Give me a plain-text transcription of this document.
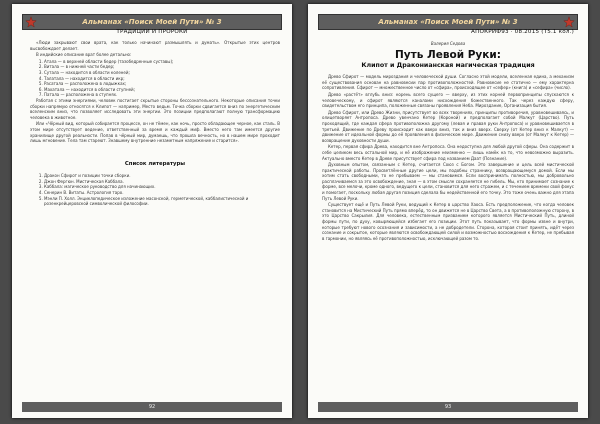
Альманах «Поиск Моей Пути» № 3
ТРАДИЦИИ И ПРОРОКИ

«Люди закрывают свои врата, как только начинают размышлять и думать». Открытые этих центров высвобождает делает.

В индийские описание врат более детально:

1. Атала — в верхней области бедер (тазобедренные суставы);
2. Витала — в нижней части бедер;
3. Сутала — находится в области коленей;
4. Талатала — находится в области икр;
5. Расатала — расположена в лодыжках;
6. Махатала — находится в области ступней;
7. Патала — расположена в ступнях.

Работая с этими энергиями, человек постигает скрытые стороны бессознательного. Некоторые описания точки сборки напрямую относятся к Клипот — например, Место ведьм. Точка сборки сдвигается вниз по энергетическим вселенским вниз, что позволяет исследовать эти энергии. Это позиции предполагают полную трансформацию человека в животное.

Или «Чёрный вид, который собирается процессе, он не тёмен, как ночь, просто обладающее черное, как сталь. В этом мире отсутствует ведение, ответственный за время и каждый миф. Вместо него там имеется другие хранилище другой реальности. Попав в чёрный мир, думаешь, что прошла вечность, но в нашем мире проходит лишь мгновение. Тела там стареют. Знавшему внутренние незаметным напряжение и старится».

Список литературы
1. Дракон Сфирот и позиции точки сборки.
2. Джон Фергюн. Мистическая Каббала.
3. Каббала: магическое руководство для начинающих.
4. Сенерин В. Витаты. Астрология таро.
5. Мэнли П. Холл. Энциклопедическое изложение масонской, герметической, каббалистической и розенкрейцеровской символической философии.
92
Альманах «Поиск Моей Пути» № 3
АПОКРИФ93 · 08.2015 (Т5.1 кол.)
Валерия Седова
Путь Левой Руки:
Клипот и Драконианская магическая традиция

Древо Сфирот — модель мироздания и человеческой души. Согласно этой модели, вселенная едина, а механизм её существования основан на равновесии пар противоположностей. Равновесие не статично — ему характерна сопротивления. Сфирот — множественное число от «сфира», происходящее от «сефер» (книга) и «сефира» (число).

Древо «растёт» вглубь вниз: корень всего сущего — вверху, из этих корней первопринципы спускаются к человеческому, и сфирот являются каналами нисхождения божественного. Так через каждую сферу, свидетельством его принципа, положенные связаны проявления Неба. Мироздание, Организация бытия.

Древо Сфирот, или Древо Жизни, присутствует во всех творениях, принципы противоречия, уравновешиваясь, и олицетворяет Антропоса. Древо увенчано Кетер (Короной) и предполагает собой Малкут (Царство). Путь проходящий, где каждая сфера противоположна другому (левая и правая руки Антропоса) и уравновешивается в третьей. Движение по Древу происходит как вверх вниз, так и вниз вверх. Сверху (от Кетер вниз к Малкут) — движение от идеальной формы до её проявления в физическом мире. Движение снизу вверх (от Малкут к Кетер) — возвращение духовности души.

Кетер, первая сфира Древа, находится вне Антропоса. Она недоступна для любой другой сферы. Она содержит в себе целиком весь остальной мир, и её изображение неизменно — лишь намёк на то, что невозможно выразить. Актуально вместо Кетер в Древе присутствует сфира под названием Даат (Познание).

Духовным опытом, связанным с Кетер, считается Союз с Богом. Это завершение и цель всей мистической практической работы. Просветлённые другие цели, мы подобны страннику, возвращающемуся домой. Если мы хотим стать свободными, то не пребываем — мы становимся. Если воспринимать полностью, мы добровольно расплачиваемся за это освобождение, зная — в этом смысле сохраняется не гибель. Мы, кто принимает сознание к форме, все мелочи, кроме одного, ведущего к цели, становится для него стражем, и с течением времени свой фокус и помогает, поскольку любая другая позиция сделала бы недейственной его точку. Это тоже очень важно для этапа Путь Левой Руки.

Существует ещё и Путь Левой Руки, ведущий к Кетер в царство Хаоса. Есть предположение, что когда человек становится на Мистический Путь прямо вперёд, то он движется не в Царство Света, а в противоположную сторону, в это Царство Сакрылия. Для человека, естественным призванием которого является Мистический Путь, длиной формы пути, по духу, ковыряющейся избегает его позиции. Этот путь показывает, что формы извне и внутри, которые требуют нового осознания и зависимости, а не добродетели. Сторона, которая стоит принять, идёт через сознание и сокрытое, которые являются освобождающей силой и возможностью восхождения к Кетер, не пребывая в гармонии, но являясь её противоположностью, исключающей разом то.

93
